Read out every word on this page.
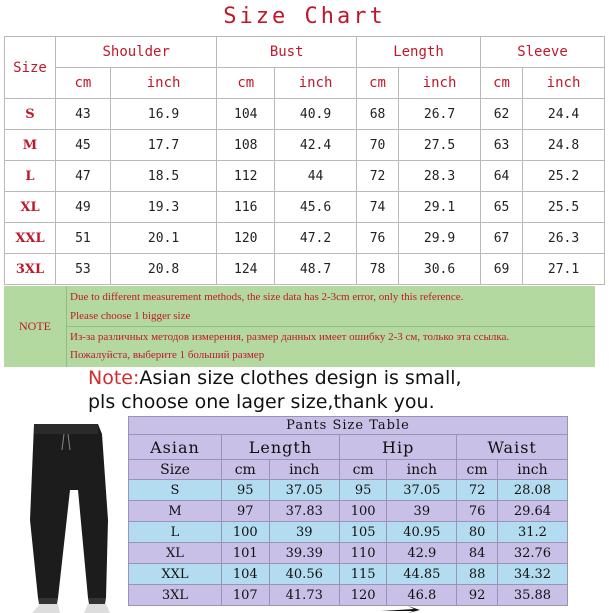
Size Chart
Size	Shoulder		Bust		Length		Sleeve	
	cm	inch	cm	inch	cm	inch	cm	inch
S	43	16.9	104	40.9	68	26.7	62	24.4
M	45	17.7	108	42.4	70	27.5	63	24.8
L	47	18.5	112	44	72	28.3	64	25.2
XL	49	19.3	116	45.6	74	29.1	65	25.5
XXL	51	20.1	120	47.2	76	29.9	67	26.3
3XL	53	20.8	124	48.7	78	30.6	69	27.1
NOTE
Due to different measurement methods, the size data has 2-3cm error, only this reference.
Please choose 1 bigger size
Из-за различных методов измерения, размер данных имеет ошибку 2-3 см, только эта ссылка.
Пожалуйста, выберите 1 больший размер
Note:Asian size clothes design is small,
pls choose one lager size,thank you.
Pants Size Table						
Asian	Length		Hip		Waist	
Size	cm	inch	cm	inch	cm	inch
S	95	37.05	95	37.05	72	28.08
M	97	37.83	100	39	76	29.64
L	100	39	105	40.95	80	31.2
XL	101	39.39	110	42.9	84	32.76
XXL	104	40.56	115	44.85	88	34.32
3XL	107	41.73	120	46.8	92	35.88
